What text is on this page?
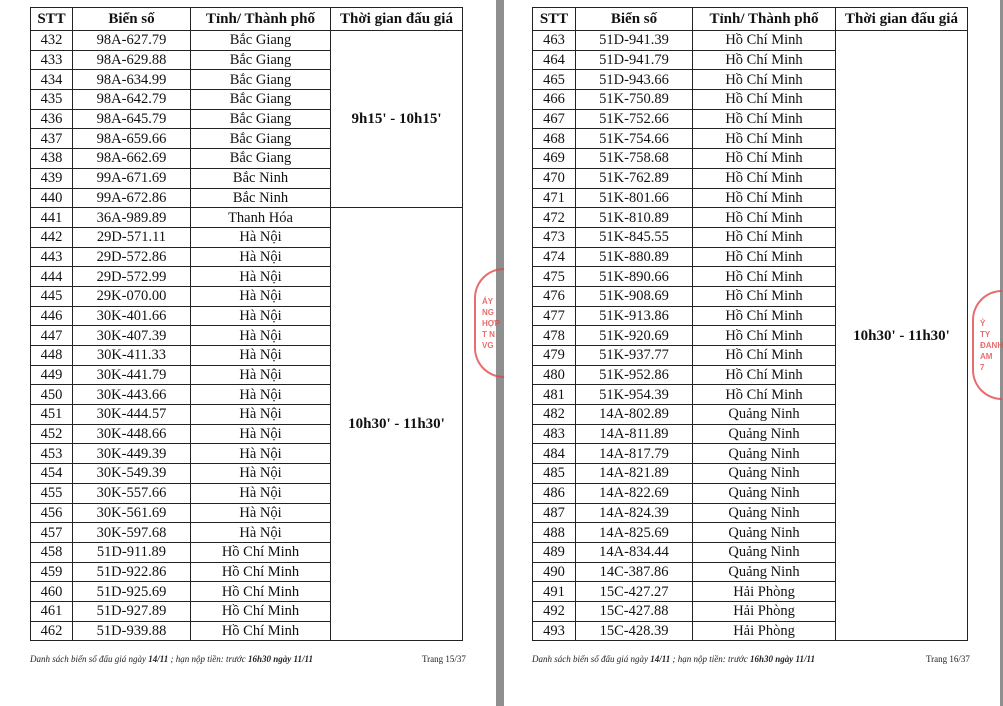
STT	Biển số	Tỉnh/ Thành phố	Thời gian đấu giá
432	98A-627.79	Bắc Giang	9h15' - 10h15'
433	98A-629.88	Bắc Giang	
434	98A-634.99	Bắc Giang	
435	98A-642.79	Bắc Giang	
436	98A-645.79	Bắc Giang	
437	98A-659.66	Bắc Giang	
438	98A-662.69	Bắc Giang	
439	99A-671.69	Bắc Ninh	
440	99A-672.86	Bắc Ninh	
441	36A-989.89	Thanh Hóa	10h30' - 11h30'
442	29D-571.11	Hà Nội	
443	29D-572.86	Hà Nội	
444	29D-572.99	Hà Nội	
445	29K-070.00	Hà Nội	
446	30K-401.66	Hà Nội	
447	30K-407.39	Hà Nội	
448	30K-411.33	Hà Nội	
449	30K-441.79	Hà Nội	
450	30K-443.66	Hà Nội	
451	30K-444.57	Hà Nội	
452	30K-448.66	Hà Nội	
453	30K-449.39	Hà Nội	
454	30K-549.39	Hà Nội	
455	30K-557.66	Hà Nội	
456	30K-561.69	Hà Nội	
457	30K-597.68	Hà Nội	
458	51D-911.89	Hồ Chí Minh	
459	51D-922.86	Hồ Chí Minh	
460	51D-925.69	Hồ Chí Minh	
461	51D-927.89	Hồ Chí Minh	
462	51D-939.88	Hồ Chí Minh	
Danh sách biển số đấu giá ngày 14/11 ; hạn nộp tiền: trước 16h30 ngày 11/11	Trang 15/37
ÁY
NG
HỢP
T N
VG
STT	Biển số	Tỉnh/ Thành phố	Thời gian đấu giá
463	51D-941.39	Hồ Chí Minh	10h30' - 11h30'
464	51D-941.79	Hồ Chí Minh	
465	51D-943.66	Hồ Chí Minh	
466	51K-750.89	Hồ Chí Minh	
467	51K-752.66	Hồ Chí Minh	
468	51K-754.66	Hồ Chí Minh	
469	51K-758.68	Hồ Chí Minh	
470	51K-762.89	Hồ Chí Minh	
471	51K-801.66	Hồ Chí Minh	
472	51K-810.89	Hồ Chí Minh	
473	51K-845.55	Hồ Chí Minh	
474	51K-880.89	Hồ Chí Minh	
475	51K-890.66	Hồ Chí Minh	
476	51K-908.69	Hồ Chí Minh	
477	51K-913.86	Hồ Chí Minh	
478	51K-920.69	Hồ Chí Minh	
479	51K-937.77	Hồ Chí Minh	
480	51K-952.86	Hồ Chí Minh	
481	51K-954.39	Hồ Chí Minh	
482	14A-802.89	Quảng Ninh	
483	14A-811.89	Quảng Ninh	
484	14A-817.79	Quảng Ninh	
485	14A-821.89	Quảng Ninh	
486	14A-822.69	Quảng Ninh	
487	14A-824.39	Quảng Ninh	
488	14A-825.69	Quảng Ninh	
489	14A-834.44	Quảng Ninh	
490	14C-387.86	Quảng Ninh	
491	15C-427.27	Hải Phòng	
492	15C-427.88	Hải Phòng	
493	15C-428.39	Hải Phòng	
Danh sách biển số đấu giá ngày 14/11 ; hạn nộp tiền: trước 16h30 ngày 11/11	Trang 16/37
Ỷ
TY
ĐANH
AM
7
